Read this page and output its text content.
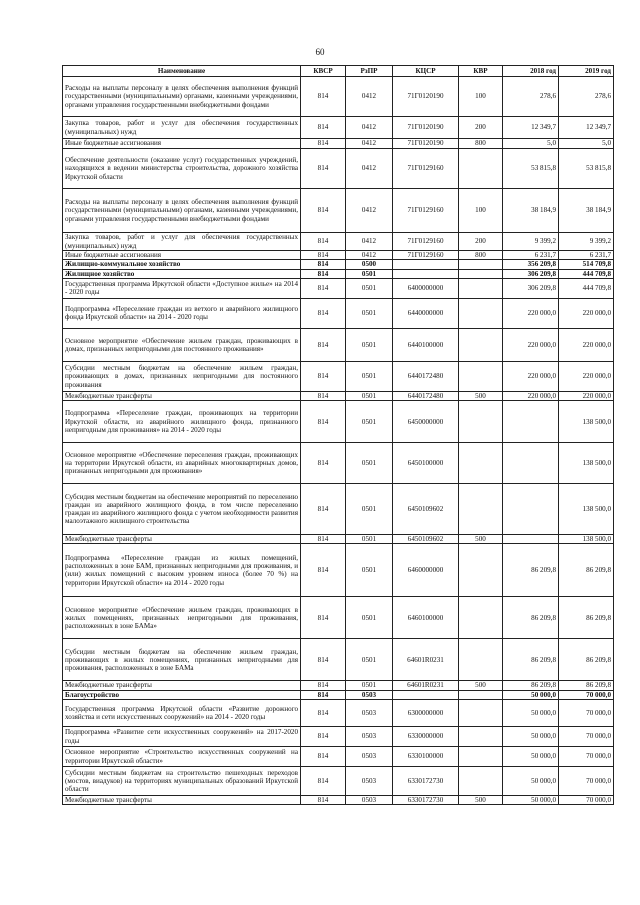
60
Наименование	КВСР	РзПР	КЦСР	КВР	2018 год	2019 год
Расходы на выплаты персоналу в целях обеспечения выполнения функций государственными (муниципальными) органами, казенными учреждениями, органами управления государственными внебюджетными фондами	814	0412	71Г0120190	100	278,6	278,6
Закупка товаров, работ и услуг для обеспечения государственных (муниципальных) нужд	814	0412	71Г0120190	200	12 349,7	12 349,7
Иные бюджетные ассигнования	814	0412	71Г0120190	800	5,0	5,0
Обеспечение деятельности (оказание услуг) государственных учреждений, находящихся в ведении министерства строительства, дорожного хозяйства Иркутской области	814	0412	71Г0129160		53 815,8	53 815,8
Расходы на выплаты персоналу в целях обеспечения выполнения функций государственными (муниципальными) органами, казенными учреждениями, органами управления государственными внебюджетными фондами	814	0412	71Г0129160	100	38 184,9	38 184,9
Закупка товаров, работ и услуг для обеспечения государственных (муниципальных) нужд	814	0412	71Г0129160	200	9 399,2	9 399,2
Иные бюджетные ассигнования	814	0412	71Г0129160	800	6 231,7	6 231,7
Жилищно-коммунальное хозяйство	814	0500			356 209,8	514 709,8
Жилищное хозяйство	814	0501			306 209,8	444 709,8
Государственная программа Иркутской области «Доступное жилье» на 2014 - 2020 годы	814	0501	6400000000		306 209,8	444 709,8
Подпрограмма «Переселение граждан из ветхого и аварийного жилищного фонда Иркутской области» на 2014 - 2020 годы	814	0501	6440000000		220 000,0	220 000,0
Основное мероприятие «Обеспечение жильем граждан, проживающих в домах, признанных непригодными для постоянного проживания»	814	0501	6440100000		220 000,0	220 000,0
Субсидии местным бюджетам на обеспечение жильем граждан, проживающих в домах, признанных непригодными для постоянного проживания	814	0501	6440172480		220 000,0	220 000,0
Межбюджетные трансферты	814	0501	6440172480	500	220 000,0	220 000,0
Подпрограмма «Переселение граждан, проживающих на территории Иркутской области, из аварийного жилищного фонда, признанного непригодным для проживания» на 2014 - 2020 годы	814	0501	6450000000			138 500,0
Основное мероприятие «Обеспечение переселения граждан, проживающих на территории Иркутской области, из аварийных многоквартирных домов, признанных непригодными для проживания»	814	0501	6450100000			138 500,0
Субсидия местным бюджетам на обеспечение мероприятий по переселению граждан из аварийного жилищного фонда, в том числе переселению граждан из аварийного жилищного фонда с учетом необходимости развития малоэтажного жилищного строительства	814	0501	6450109602			138 500,0
Межбюджетные трансферты	814	0501	6450109602	500		138 500,0
Подпрограмма «Переселение граждан из жилых помещений, расположенных в зоне БАМ, признанных непригодными для проживания, и (или) жилых помещений с высоким уровнем износа (более 70 %) на территории Иркутской области» на 2014 - 2020 годы	814	0501	6460000000		86 209,8	86 209,8
Основное мероприятие «Обеспечение жильем граждан, проживающих в жилых помещениях, признанных непригодными для проживания, расположенных в зоне БАМа»	814	0501	6460100000		86 209,8	86 209,8
Субсидии местным бюджетам на обеспечение жильем граждан, проживающих в жилых помещениях, признанных непригодными для проживания, расположенных в зоне БАМа	814	0501	64601R0231		86 209,8	86 209,8
Межбюджетные трансферты	814	0501	64601R0231	500	86 209,8	86 209,8
Благоустройство	814	0503			50 000,0	70 000,0
Государственная программа Иркутской области «Развитие дорожного хозяйства и сети искусственных сооружений» на 2014 - 2020 годы	814	0503	6300000000		50 000,0	70 000,0
Подпрограмма «Развитие сети искусственных сооружений» на 2017-2020 годы	814	0503	6330000000		50 000,0	70 000,0
Основное мероприятие «Строительство искусственных сооружений на территории Иркутской области»	814	0503	6330100000		50 000,0	70 000,0
Субсидии местным бюджетам на строительство пешеходных переходов (мостов, виадуков) на территориях муниципальных образований Иркутской области	814	0503	6330172730		50 000,0	70 000,0
Межбюджетные трансферты	814	0503	6330172730	500	50 000,0	70 000,0
